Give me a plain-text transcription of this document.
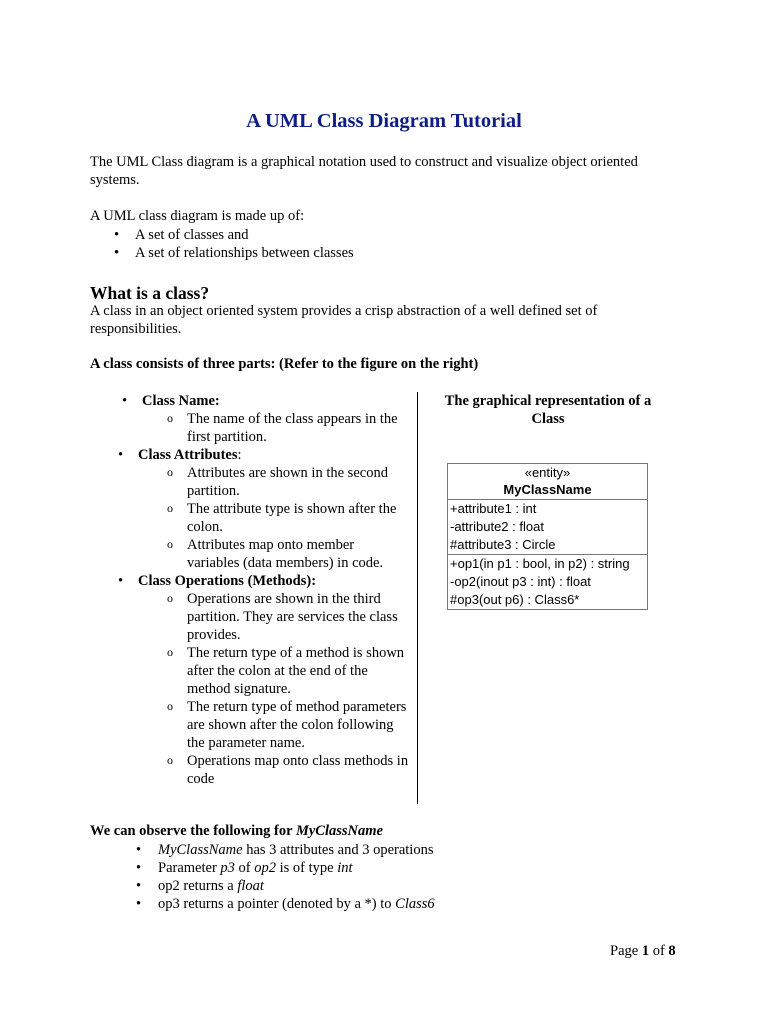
A UML Class Diagram Tutorial

The UML Class diagram is a graphical notation used to construct and visualize object oriented systems.

A UML class diagram is made up of:

• A set of classes and
• A set of relationships between classes
What is a class?

A class in an object oriented system provides a crisp abstraction of a well defined set of responsibilities.

A class consists of three parts: (Refer to the figure on the right)

• Class Name:
o The name of the class appears in the first partition.
• Class Attributes:
o Attributes are shown in the second partition.
o The attribute type is shown after the colon.
o Attributes map onto member variables (data members) in code.
• Class Operations (Methods):
o Operations are shown in the third partition. They are services the class provides.
o The return type of a method is shown after the colon at the end of the method signature.
o The return type of method parameters are shown after the colon following the parameter name.
o Operations map onto class methods in code
The graphical representation of a Class
«entity»
MyClassName
+attribute1 : int
-attribute2 : float
#attribute3 : Circle
+op1(in p1 : bool, in p2) : string
-op2(inout p3 : int) : float
#op3(out p6) : Class6*

We can observe the following for MyClassName

• MyClassName has 3 attributes and 3 operations
• Parameter p3 of op2 is of type int
• op2 returns a float
• op3 returns a pointer (denoted by a *) to Class6
Page 1 of 8
